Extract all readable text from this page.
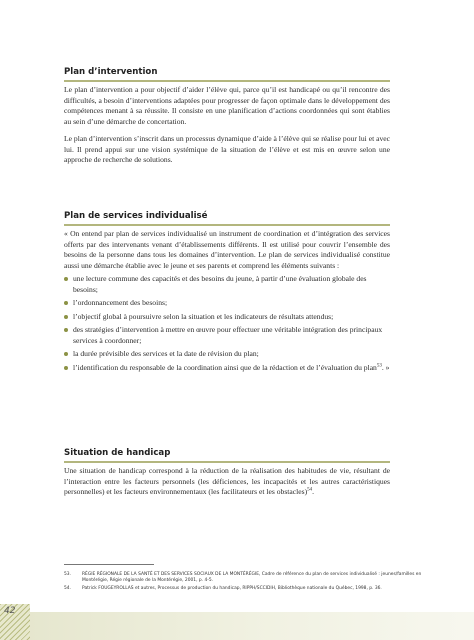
Plan d’intervention

Le plan d’intervention a pour objectif d’aider l’élève qui, parce qu’il est handicapé ou qu’il rencontre des difficultés, a besoin d’interventions adaptées pour progresser de façon optimale dans le développement des compétences menant à sa réussite. Il consiste en une planification d’actions coordonnées qui sont établies au sein d’une démarche de concertation.

Le plan d’intervention s’inscrit dans un processus dynamique d’aide à l’élève qui se réalise pour lui et avec lui. Il prend appui sur une vision systémique de la situation de l’élève et est mis en œuvre selon une approche de recherche de solutions.

Plan de services individualisé

« On entend par plan de services individualisé un instrument de coordination et d’intégration des services offerts par des intervenants venant d’établissements différents. Il est utilisé pour couvrir l’ensemble des besoins de la personne dans tous les domaines d’intervention. Le plan de services individualisé constitue aussi une démarche établie avec le jeune et ses parents et comprend les éléments suivants :

une lecture commune des capacités et des besoins du jeune, à partir d’une évaluation globale des besoins;
l’ordonnancement des besoins;
l’objectif global à poursuivre selon la situation et les indicateurs de résultats attendus;
des stratégies d’intervention à mettre en œuvre pour effectuer une véritable intégration des principaux services à coordonner;
la durée prévisible des services et la date de révision du plan;
l’identification du responsable de la coordination ainsi que de la rédaction et de l’évaluation du plan$^{53}$. »
Situation de handicap

Une situation de handicap correspond à la réduction de la réalisation des habitudes de vie, résultant de l’interaction entre les facteurs personnels (les déficiences, les incapacités et les autres caractéristiques personnelles) et les facteurs environnementaux (les facilitateurs et les obstacles)$^{54}$.

53.	RÉGIE RÉGIONALE DE LA SANTÉ ET DES SERVICES SOCIAUX DE LA MONTÉRÉGIE, Cadre de référence du plan de services individualisé : jeunes/familles en Montérégie, Régie régionale de la Montérégie, 2001, p. 4-5.
54.	Patrick FOUGEYROLLAS et autres, Processus de production du handicap, RIPPH/SCCIDIH, Bibliothèque nationale du Québec, 1998, p. 36.
42
